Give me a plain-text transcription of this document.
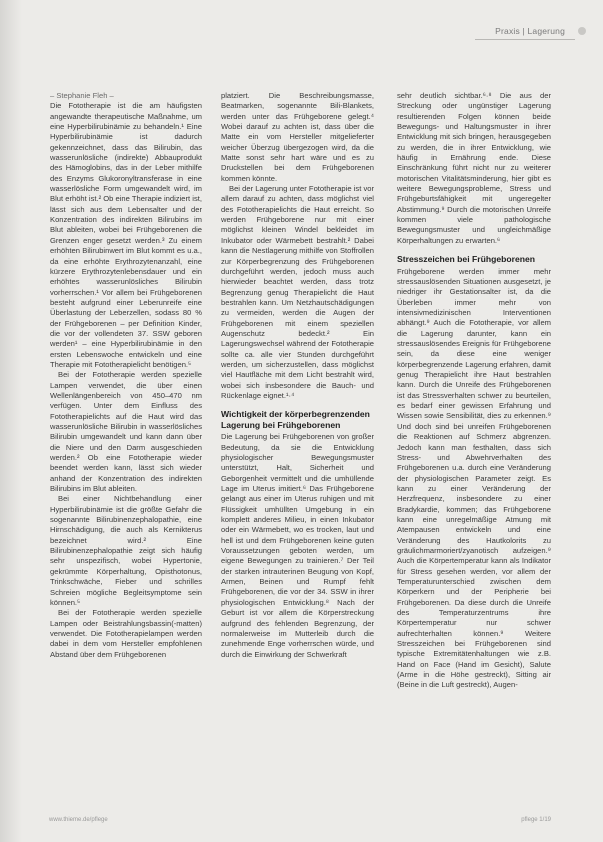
Praxis | Lagerung

– Stephanie Fleh –

Die Fototherapie ist die am häufigsten angewandte therapeutische Maßnahme, um eine Hyperbilirubinämie zu behandeln.¹ Eine Hyperbilirubinämie ist dadurch gekennzeichnet, dass das Bilirubin, das wasserunlösliche (indirekte) Abbauprodukt des Hämoglobins, das in der Leber mithilfe des Enzyms Glukoronyltransferase in eine wasserlösliche Form umgewandelt wird, im Blut erhöht ist.² Ob eine Therapie indiziert ist, lässt sich aus dem Lebensalter und der Konzentration des indirekten Bilirubins im Blut ableiten, wobei bei Frühgeborenen die Grenzen enger gesetzt werden.³ Zu einem erhöhten Bilirubinwert im Blut kommt es u.a., da eine erhöhte Erythrozytenanzahl, eine kürzere Erythrozytenlebensdauer und ein erhöhtes wasserunlösliches Bilirubin vorherrschen.¹ Vor allem bei Frühgeborenen besteht aufgrund einer Leberunreife eine Überlastung der Leberzellen, sodass 80 % der Frühgeborenen – per Definition Kinder, die vor der vollendeten 37. SSW geboren werden¹ – eine Hyperbilirubinämie in den ersten Lebenswoche entwickeln und eine Therapie mit Fototherapielicht benötigen.⁵

Bei der Fototherapie werden spezielle Lampen verwendet, die über einen Wellenlängenbereich von 450–470 nm verfügen. Unter dem Einfluss des Fototherapielichts auf die Haut wird das wasserunlösliche Bilirubin in wasserlösliches Bilirubin umgewandelt und kann dann über die Niere und den Darm ausgeschieden werden.² Ob eine Fototherapie wieder beendet werden kann, lässt sich wieder anhand der Konzentration des indirekten Bilirubins im Blut ableiten.

Bei einer Nichtbehandlung einer Hyperbilirubinämie ist die größte Gefahr die sogenannte Bilirubinenzephalopathie, eine Hirnschädigung, die auch als Kernikterus bezeichnet wird.² Eine Bilirubinenzephalopathie zeigt sich häufig sehr unspezifisch, wobei Hypertonie, gekrümmte Körperhaltung, Opisthotonus, Trinkschwäche, Fieber und schrilles Schreien mögliche Begleitsymptome sein können.⁵

Bei der Fototherapie werden spezielle Lampen oder Beistrahlungsbassin(-matten) verwendet. Die Fototherapielampen werden dabei in dem vom Hersteller empfohlenen Abstand über dem Frühgeborenen

platziert. Die Beschreibungsmasse, Beatmarken, sogenannte Bili-Blankets, werden unter das Frühgeborene gelegt.⁴ Wobei darauf zu achten ist, dass über die Matte ein vom Hersteller mitgelieferter weicher Überzug übergezogen wird, da die Matte sonst sehr hart wäre und es zu Druckstellen bei dem Frühgeborenen kommen könnte.

Bei der Lagerung unter Fototherapie ist vor allem darauf zu achten, dass möglichst viel des Fototherapielichts die Haut erreicht. So werden Frühgeborene nur mit einer möglichst kleinen Windel bekleidet im Inkubator oder Wärmebett bestrahlt.² Dabei kann die Nestlagerung mithilfe von Stoffrollen zur Körperbegrenzung des Frühgeborenen durchgeführt werden, jedoch muss auch hierwieder beachtet werden, dass trotz Begrenzung genug Therapielicht die Haut bestrahlen kann. Um Netzhautschädigungen zu vermeiden, werden die Augen der Frühgeborenen mit einem speziellen Augenschutz bedeckt.² Ein Lagerungswechsel während der Fototherapie sollte ca. alle vier Stunden durchgeführt werden, um sicherzustellen, dass möglichst viel Hautfläche mit dem Licht bestrahlt wird, wobei sich insbesondere die Bauch- und Rückenlage eignet.¹·⁴

Wichtigkeit der körperbegrenzenden Lagerung bei Frühgeborenen

Die Lagerung bei Frühgeborenen von großer Bedeutung, da sie die Entwicklung physiologischer Bewegungsmuster unterstützt, Halt, Sicherheit und Geborgenheit vermittelt und die umhüllende Lage im Uterus imitiert.⁶ Das Frühgeborene gelangt aus einer im Uterus ruhigen und mit Flüssigkeit umhüllten Umgebung in ein komplett anderes Milieu, in einen Inkubator oder ein Wärmebett, wo es trocken, laut und hell ist und dem Frühgeborenen keine guten Voraussetzungen geboten werden, um eigene Bewegungen zu trainieren.⁷ Der Teil der starken intrauterinen Beugung von Kopf, Armen, Beinen und Rumpf fehlt Frühgeborenen, die vor der 34. SSW in ihrer physiologischen Entwicklung.⁸ Nach der Geburt ist vor allem die Körperstreckung aufgrund des fehlenden Begrenzung, der normalerweise im Mutterleib durch die zunehmende Enge vorherrschen würde, und durch die Einwirkung der Schwerkraft

sehr deutlich sichtbar.⁶·⁸ Die aus der Streckung oder ungünstiger Lagerung resultierenden Folgen können beide Bewegungs- und Haltungsmuster in ihrer Entwicklung mit sich bringen, herausgegeben zu werden, die in ihrer Entwicklung, wie häufig in Ernährung ende. Diese Einschränkung führt nicht nur zu weiterer motorischen Vitalitätsminderung, hier gibt es weitere Bewegungsprobleme, Stress und Frühgeburtsfähigkeit mit ungeregelter Abstimmung.⁹ Durch die motorischen Unreife kommen viele pathologische Bewegungsmuster und ungleichmäßige Körperhaltungen zu erwarten.⁶

Stresszeichen bei Frühgeborenen

Frühgeborene werden immer mehr stressauslösenden Situationen ausgesetzt, je niedriger ihr Gestationsalter ist, da die Überleben immer mehr von intensivmedizinischen Interventionen abhängt.⁹ Auch die Fototherapie, vor allem die Lagerung darunter, kann ein stressauslösendes Ereignis für Frühgeborene sein, da diese eine weniger körperbegrenzende Lagerung erfahren, damit genug Therapielicht ihre Haut bestrahlen kann. Durch die Unreife des Frühgeborenen ist das Stressverhalten schwer zu beurteilen, es bedarf einer gewissen Erfahrung und Wissen sowie Sensibilität, dies zu erkennen.⁹ Und doch sind bei unreifen Frühgeborenen die Reaktionen auf Schmerz abgrenzen. Jedoch kann man festhalten, dass sich Stress- und Abwehrverhalten des Frühgeborenen u.a. durch eine Veränderung der physiologischen Parameter zeigt. Es kann zu einer Veränderung der Herzfrequenz, insbesondere zu einer Bradykardie, kommen; das Frühgeborene kann eine unregelmäßige Atmung mit Atempausen entwickeln und eine Veränderung des Hautkolorits zu gräulichmarmoriert/zyanotisch aufzeigen.⁹ Auch die Körpertemperatur kann als Indikator für Stress gesehen werden, vor allem der Temperaturunterschied zwischen dem Körperkern und der Peripherie bei Frühgeborenen. Da diese durch die Unreife des Temperaturzentrums ihre Körpertemperatur nur schwer aufrechterhalten können.⁹ Weitere Stresszeichen bei Frühgeborenen sind typische Extremitätenhaltungen wie z.B. Hand on Face (Hand im Gesicht), Salute (Arme in die Höhe gestreckt), Sitting air (Beine in die Luft gestreckt), Augen-

www.thieme.de/pflege	pflege 1/19
